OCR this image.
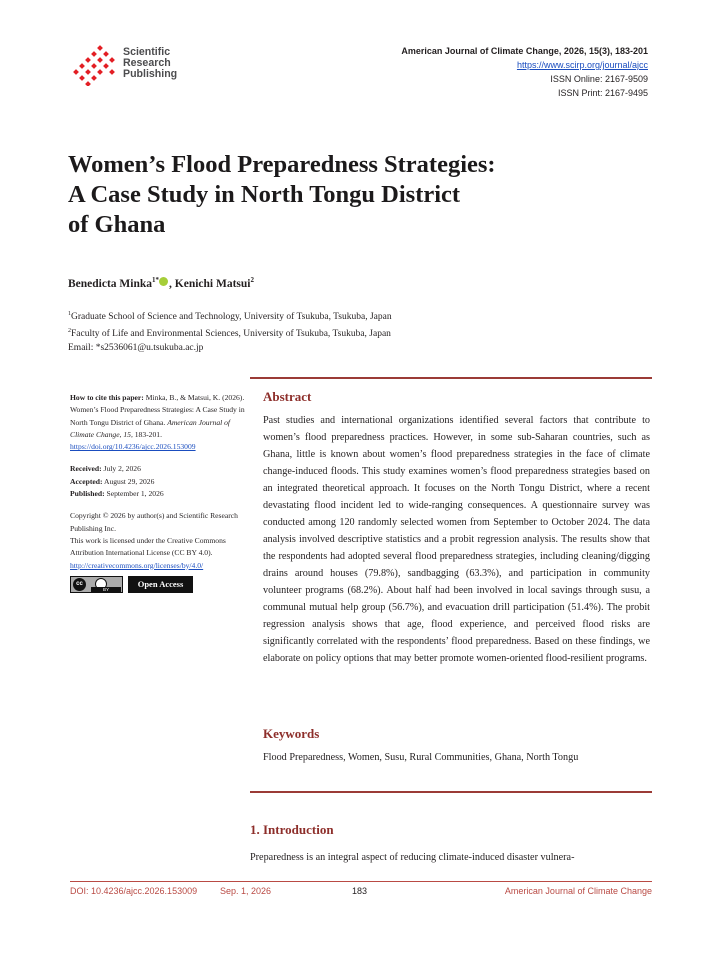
Scientific
Research
Publishing
American Journal of Climate Change, 2026, 15(3), 183-201
https://www.scirp.org/journal/ajcc
ISSN Online: 2167-9509
ISSN Print: 2167-9495
Women’s Flood Preparedness Strategies:
A Case Study in North Tongu District
of Ghana
Benedicta Minka$^{1*}$ , Kenichi Matsui$^2$
$^1$Graduate School of Science and Technology, University of Tsukuba, Tsukuba, Japan
$^2$Faculty of Life and Environmental Sciences, University of Tsukuba, Tsukuba, Japan
Email: *s2536061@u.tsukuba.ac.jp

How to cite this paper: Minka, B., & Matsui, K. (2026). Women’s Flood Preparedness Strategies: A Case Study in North Tongu District of Ghana. American Journal of Climate Change, 15, 183-201.
https://doi.org/10.4236/ajcc.2026.153009

Received: July 2, 2026
Accepted: August 29, 2026
Published: September 1, 2026

Copyright © 2026 by author(s) and Scientific Research Publishing Inc.

This work is licensed under the Creative Commons Attribution International License (CC BY 4.0).

http://creativecommons.org/licenses/by/4.0/

cc
BY
Open Access
Abstract

Past studies and international organizations identified several factors that contribute to women’s flood preparedness practices. However, in some sub-Saharan countries, such as Ghana, little is known about women’s flood preparedness strategies in the face of climate change-induced floods. This study examines women’s flood preparedness strategies based on an integrated theoretical approach. It focuses on the North Tongu District, where a recent devastating flood incident led to wide-ranging consequences. A questionnaire survey was conducted among 120 randomly selected women from September to October 2024. The data analysis involved descriptive statistics and a probit regression analysis. The results show that the respondents had adopted several flood preparedness strategies, including cleaning/digging drains around houses (79.8%), sandbagging (63.3%), and participation in community volunteer programs (68.2%). About half had been involved in local savings through susu, a communal mutual help group (56.7%), and evacuation drill participation (51.4%). The probit regression analysis shows that age, flood experience, and perceived flood risks are significantly correlated with the respondents’ flood preparedness. Based on these findings, we elaborate on policy options that may better promote women-oriented flood-resilient programs.

Keywords

Flood Preparedness, Women, Susu, Rural Communities, Ghana, North Tongu

1. Introduction
Preparedness is an integral aspect of reducing climate-induced disaster vulnera-
DOI: 10.4236/ajcc.2026.153009	Sep. 1, 2026	183	American Journal of Climate Change
